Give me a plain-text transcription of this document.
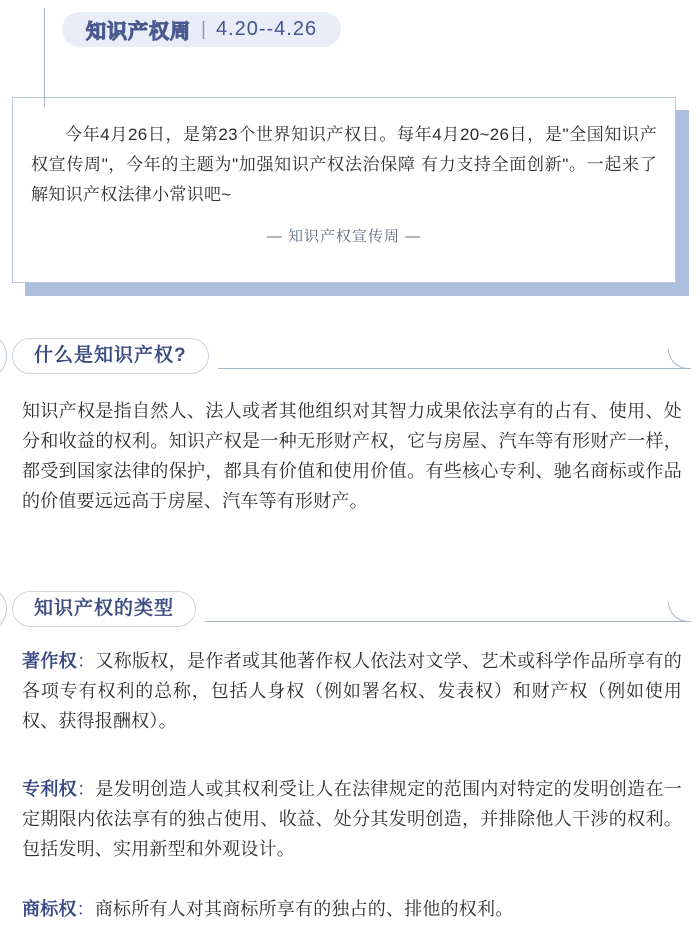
知识产权周 | 4.20--4.26

今年4月26日，是第23个世界知识产权日。每年4月20~26日，是"全国知识产权宣传周"，今年的主题为"加强知识产权法治保障 有力支持全面创新"。一起来了解知识产权法律小常识吧~

— 知识产权宣传周 —

什么是知识产权?

知识产权是指自然人、法人或者其他组织对其智力成果依法享有的占有、使用、处分和收益的权利。知识产权是一种无形财产权，它与房屋、汽车等有形财产一样，都受到国家法律的保护，都具有价值和使用价值。有些核心专利、驰名商标或作品的价值要远远高于房屋、汽车等有形财产。

知识产权的类型

著作权：又称版权，是作者或其他著作权人依法对文学、艺术或科学作品所享有的各项专有权利的总称，包括人身权（例如署名权、发表权）和财产权（例如使用权、获得报酬权）。

专利权：是发明创造人或其权利受让人在法律规定的范围内对特定的发明创造在一定期限内依法享有的独占使用、收益、处分其发明创造，并排除他人干涉的权利。包括发明、实用新型和外观设计。

商标权：商标所有人对其商标所享有的独占的、排他的权利。
